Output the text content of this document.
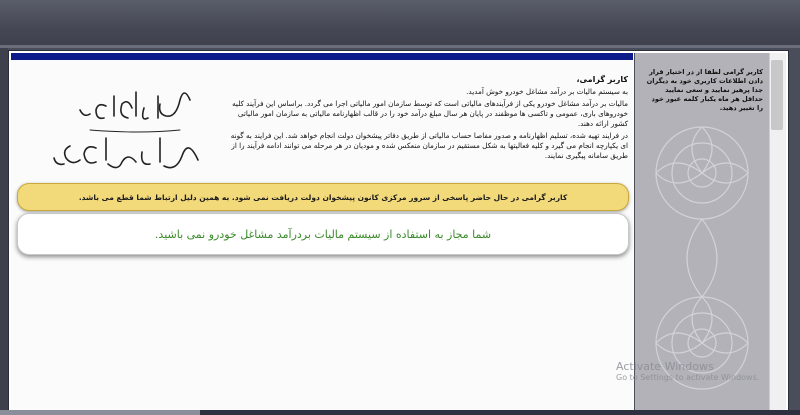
کاربر گرامی،

به سیستم مالیات بر درآمد مشاغل خودرو خوش آمدید.

مالیات بر درآمد مشاغل خودرو یکی از فرآیندهای مالیاتی است که توسط سازمان امور مالیاتی اجرا می گردد. براساس این فرآیند کلیه خودروهای باری، عمومی و تاکسی ها موظفند در پایان هر سال مبلغ درآمد خود را در قالب اظهارنامه مالیاتی به سازمان امور مالیاتی کشور ارائه دهند.

در فرایند تهیه شده، تسلیم اظهارنامه و صدور مفاصا حساب مالیاتی از طریق دفاتر پیشخوان دولت انجام خواهد شد. این فرایند به گونه ای یکپارچه انجام می گیرد و کلیه فعالیتها به شکل مستقیم در سازمان منعکس شده و مودیان در هر مرحله می توانند ادامه فرآیند را از طریق سامانه پیگیری نمایند.

کاربر گرامی در حال حاضر پاسخی از سرور مرکزی کانون پیشخوان دولت دریافت نمی شود. به همین دلیل ارتباط شما قطع می باشد.
شما مجاز به استفاده از سیستم مالیات بردرآمد مشاغل خودرو نمی باشید.
کاربر گرامی لطفا از در اختیار قرار دادن اطلاعات کاربری خود به دیگران جدا پرهیز نمایید و سعی نمایید حداقل هر ماه یکبار کلمه عبور خود را تغییر دهید.
Activate Windows
Go to Settings to activate Windows.
